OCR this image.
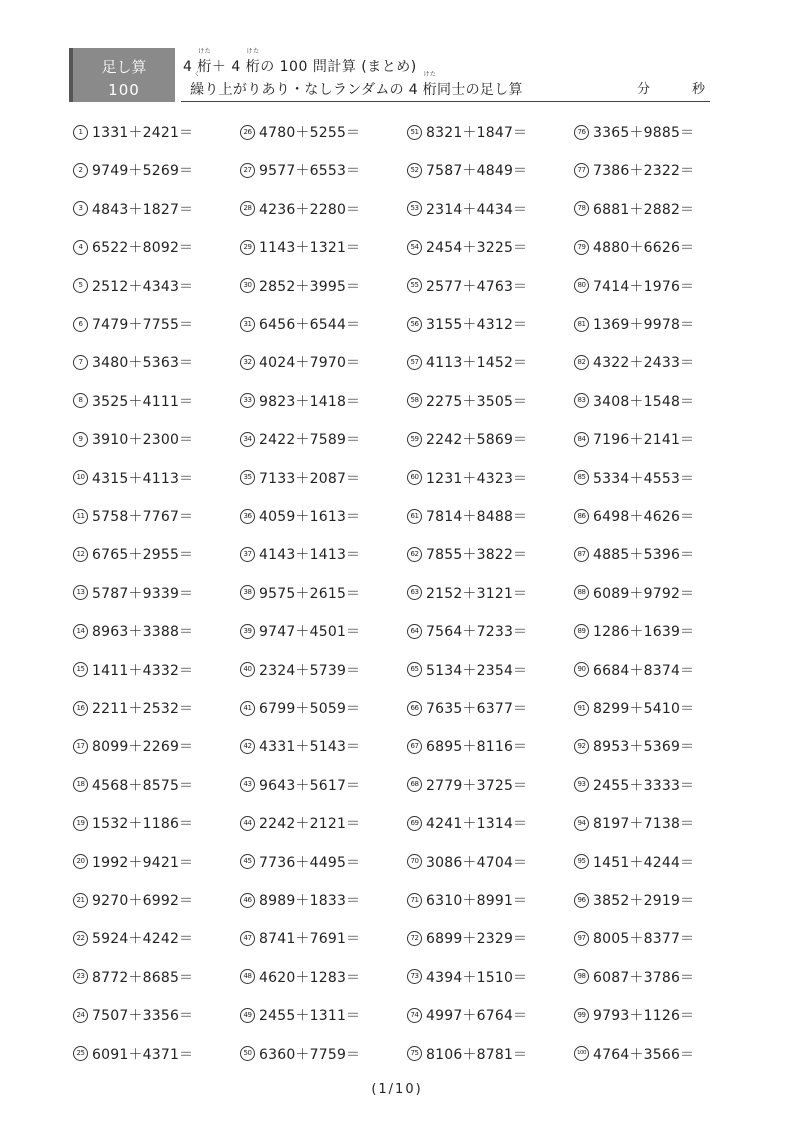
足し算
100
4
けた
桁＋ 4
けた
桁の 100 問計算 (まとめ)
く
繰り上がりあり・なしランダムの 4
けた
桁同士の足し算	分	秒
1 1331＋2421＝
2 9749＋5269＝
3 4843＋1827＝
4 6522＋8092＝
5 2512＋4343＝
6 7479＋7755＝
7 3480＋5363＝
8 3525＋4111＝
9 3910＋2300＝
10 4315＋4113＝
11 5758＋7767＝
12 6765＋2955＝
13 5787＋9339＝
14 8963＋3388＝
15 1411＋4332＝
16 2211＋2532＝
17 8099＋2269＝
18 4568＋8575＝
19 1532＋1186＝
20 1992＋9421＝
21 9270＋6992＝
22 5924＋4242＝
23 8772＋8685＝
24 7507＋3356＝
25 6091＋4371＝
26 4780＋5255＝
27 9577＋6553＝
28 4236＋2280＝
29 1143＋1321＝
30 2852＋3995＝
31 6456＋6544＝
32 4024＋7970＝
33 9823＋1418＝
34 2422＋7589＝
35 7133＋2087＝
36 4059＋1613＝
37 4143＋1413＝
38 9575＋2615＝
39 9747＋4501＝
40 2324＋5739＝
41 6799＋5059＝
42 4331＋5143＝
43 9643＋5617＝
44 2242＋2121＝
45 7736＋4495＝
46 8989＋1833＝
47 8741＋7691＝
48 4620＋1283＝
49 2455＋1311＝
50 6360＋7759＝
51 8321＋1847＝
52 7587＋4849＝
53 2314＋4434＝
54 2454＋3225＝
55 2577＋4763＝
56 3155＋4312＝
57 4113＋1452＝
58 2275＋3505＝
59 2242＋5869＝
60 1231＋4323＝
61 7814＋8488＝
62 7855＋3822＝
63 2152＋3121＝
64 7564＋7233＝
65 5134＋2354＝
66 7635＋6377＝
67 6895＋8116＝
68 2779＋3725＝
69 4241＋1314＝
70 3086＋4704＝
71 6310＋8991＝
72 6899＋2329＝
73 4394＋1510＝
74 4997＋6764＝
75 8106＋8781＝
76 3365＋9885＝
77 7386＋2322＝
78 6881＋2882＝
79 4880＋6626＝
80 7414＋1976＝
81 1369＋9978＝
82 4322＋2433＝
83 3408＋1548＝
84 7196＋2141＝
85 5334＋4553＝
86 6498＋4626＝
87 4885＋5396＝
88 6089＋9792＝
89 1286＋1639＝
90 6684＋8374＝
91 8299＋5410＝
92 8953＋5369＝
93 2455＋3333＝
94 8197＋7138＝
95 1451＋4244＝
96 3852＋2919＝
97 8005＋8377＝
98 6087＋3786＝
99 9793＋1126＝
100 4764＋3566＝
(1/10)
